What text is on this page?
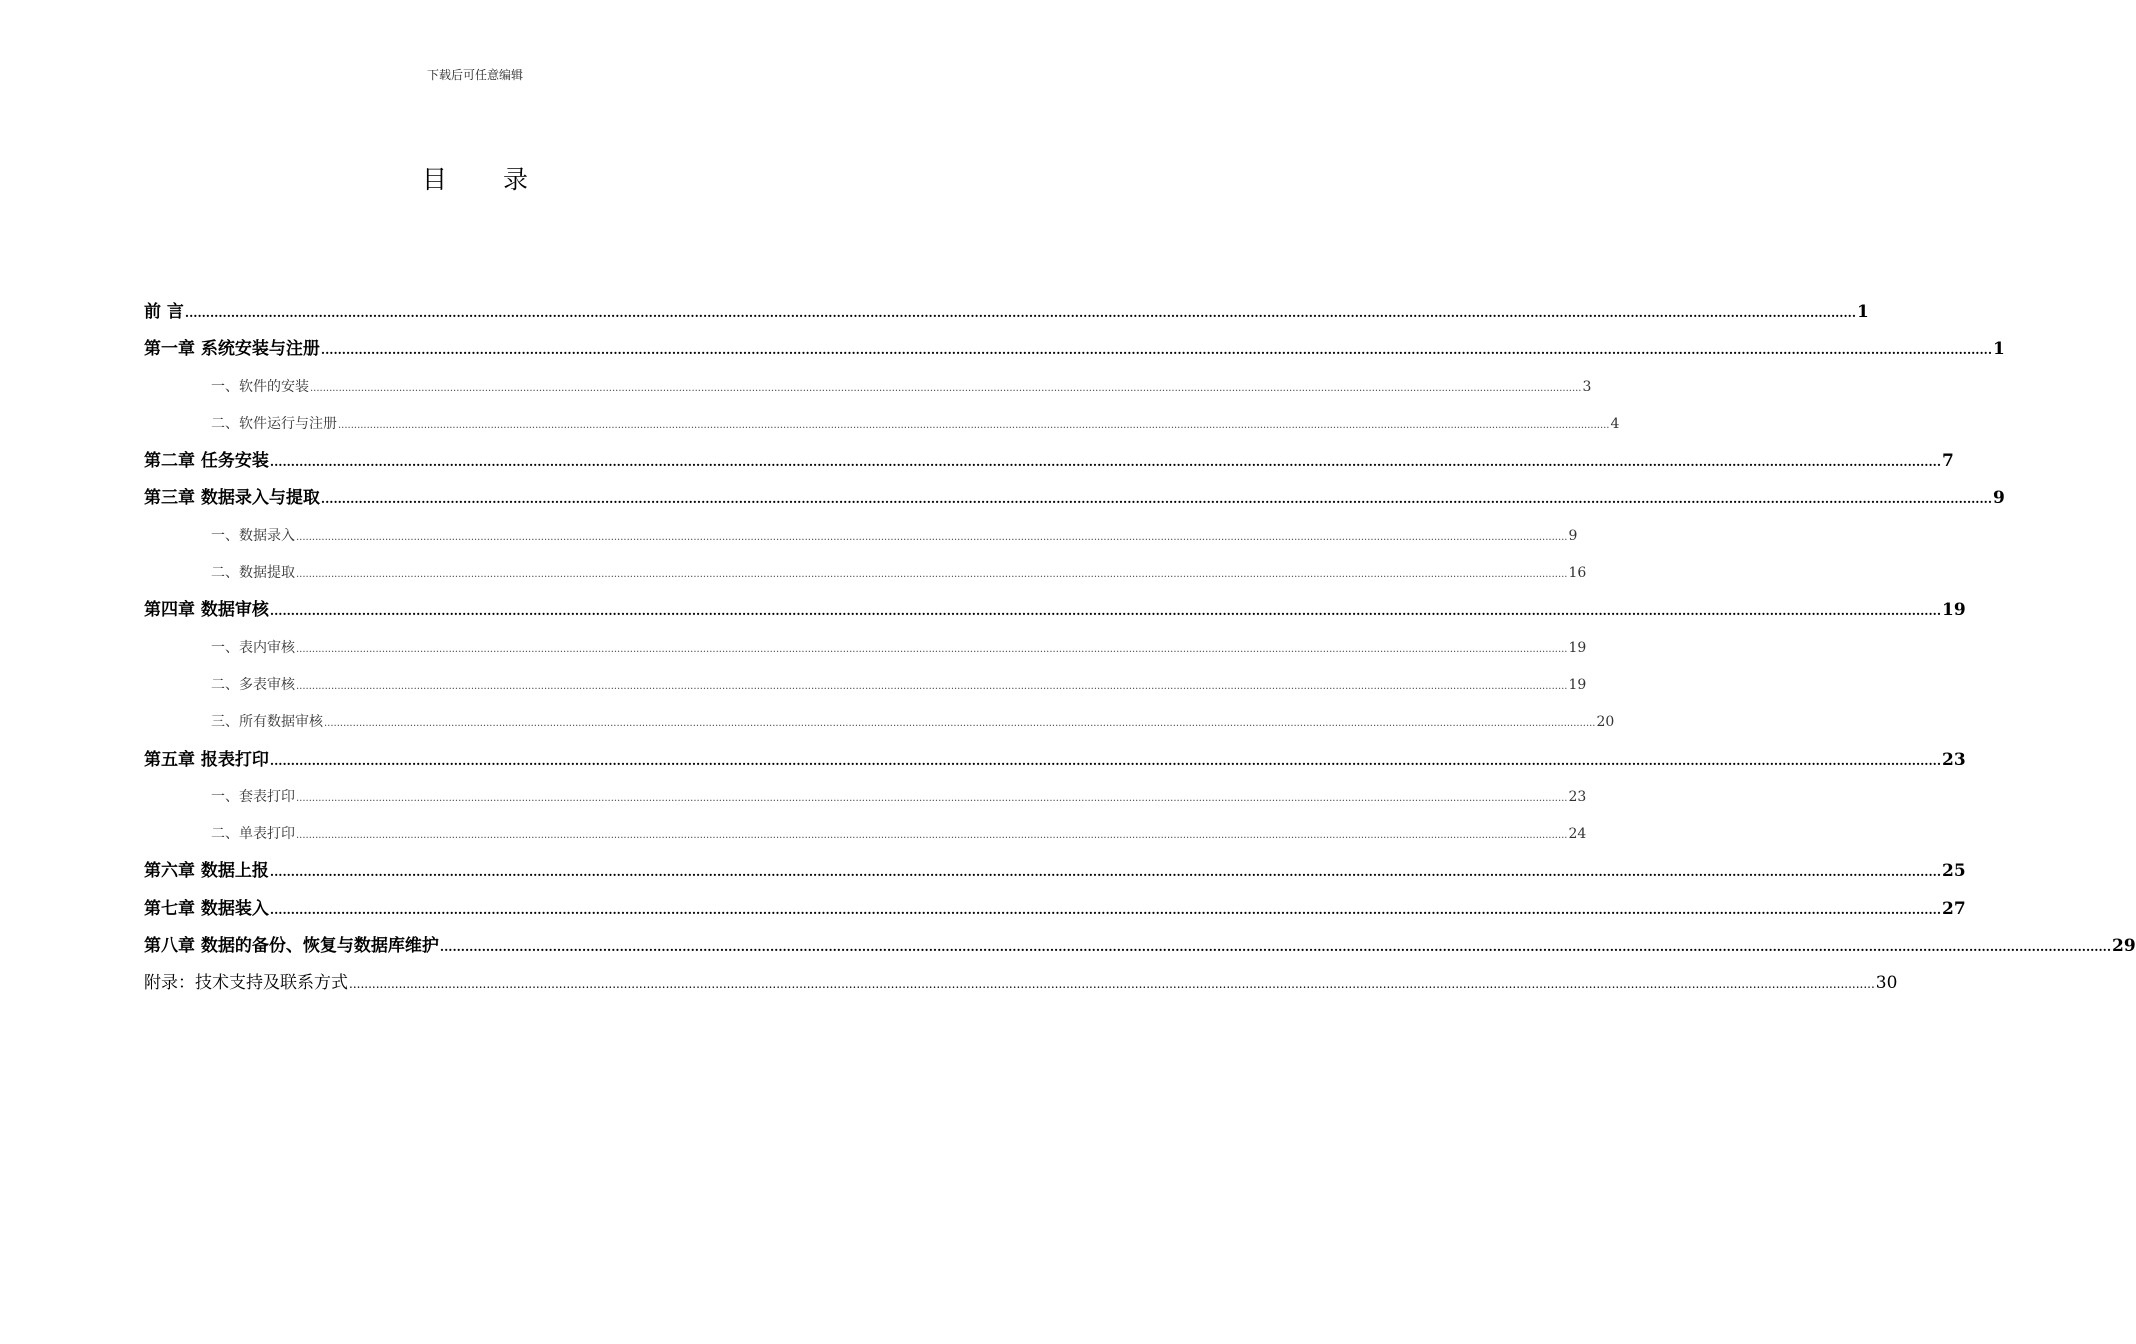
下载后可任意编辑
目 录
前 言 ................................................................................................................................................................................................................................................................................................................................................................................................................ 1
第一章 系统安装与注册 ................................................................................................................................................................................................................................................................................................................................................................................................................ 1
一、软件的安装 ................................................................................................................................................................................................................................................................................................................................................................................................................ 3
二、软件运行与注册 ................................................................................................................................................................................................................................................................................................................................................................................................................ 4
第二章 任务安装 ................................................................................................................................................................................................................................................................................................................................................................................................................ 7
第三章 数据录入与提取 ................................................................................................................................................................................................................................................................................................................................................................................................................ 9
一、数据录入 ................................................................................................................................................................................................................................................................................................................................................................................................................ 9
二、数据提取 ................................................................................................................................................................................................................................................................................................................................................................................................................ 16
第四章 数据审核 ................................................................................................................................................................................................................................................................................................................................................................................................................ 19
一、表内审核 ................................................................................................................................................................................................................................................................................................................................................................................................................ 19
二、多表审核 ................................................................................................................................................................................................................................................................................................................................................................................................................ 19
三、所有数据审核 ................................................................................................................................................................................................................................................................................................................................................................................................................ 20
第五章 报表打印 ................................................................................................................................................................................................................................................................................................................................................................................................................ 23
一、套表打印 ................................................................................................................................................................................................................................................................................................................................................................................................................ 23
二、单表打印 ................................................................................................................................................................................................................................................................................................................................................................................................................ 24
第六章 数据上报 ................................................................................................................................................................................................................................................................................................................................................................................................................ 25
第七章 数据装入 ................................................................................................................................................................................................................................................................................................................................................................................................................ 27
第八章 数据的备份、恢复与数据库维护 ................................................................................................................................................................................................................................................................................................................................................................................................................ 29
附录：技术支持及联系方式 ................................................................................................................................................................................................................................................................................................................................................................................................................ 30
